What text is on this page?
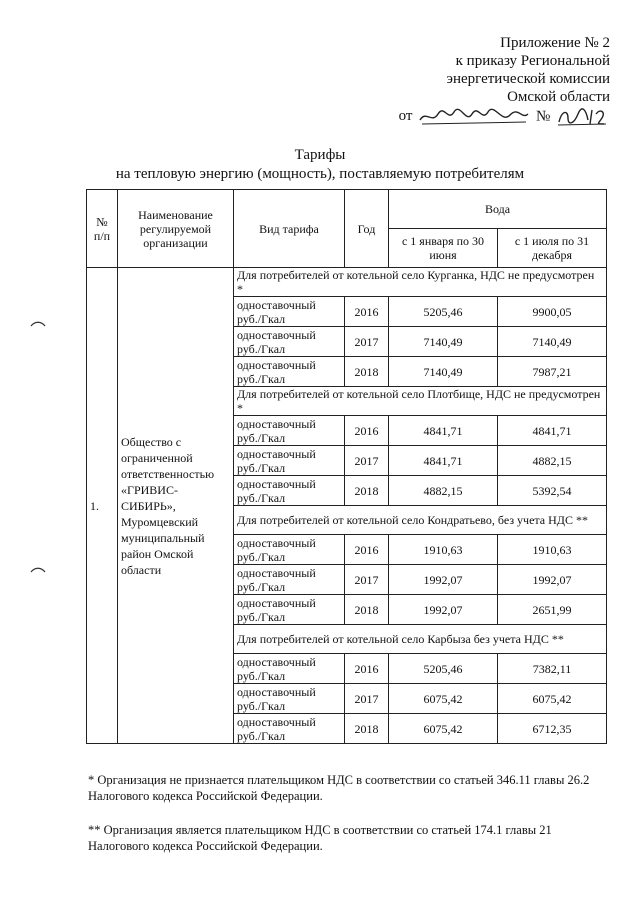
Приложение № 2
к приказу Региональной
энергетической комиссии
Омской области
от	№
Тарифы
на тепловую энергию (мощность), поставляемую потребителям
№ п/п	Наименование регулируемой организации	Вид тарифа	Год	Вода	
				с 1 января по 30 июня	с 1 июля по 31 декабря
1.	Общество с ограниченной ответственностью «ГРИВИС-СИБИРЬ», Муромцевский муниципальный район Омской области	Для потребителей от котельной село Курганка, НДС не предусмотрен *			
		одноставочный руб./Гкал	2016	5205,46	9900,05
		одноставочный руб./Гкал	2017	7140,49	7140,49
		одноставочный руб./Гкал	2018	7140,49	7987,21
		Для потребителей от котельной село Плотбище, НДС не предусмотрен *			
		одноставочный руб./Гкал	2016	4841,71	4841,71
		одноставочный руб./Гкал	2017	4841,71	4882,15
		одноставочный руб./Гкал	2018	4882,15	5392,54
		Для потребителей от котельной село Кондратьево, без учета НДС **			
		одноставочный руб./Гкал	2016	1910,63	1910,63
		одноставочный руб./Гкал	2017	1992,07	1992,07
		одноставочный руб./Гкал	2018	1992,07	2651,99
		Для потребителей от котельной село Карбыза без учета НДС **			
		одноставочный руб./Гкал	2016	5205,46	7382,11
		одноставочный руб./Гкал	2017	6075,42	6075,42
		одноставочный руб./Гкал	2018	6075,42	6712,35

* Организация не признается плательщиком НДС в соответствии со статьей 346.11 главы 26.2 Налогового кодекса Российской Федерации.

** Организация является плательщиком НДС в соответствии со статьей 174.1 главы 21 Налогового кодекса Российской Федерации.
